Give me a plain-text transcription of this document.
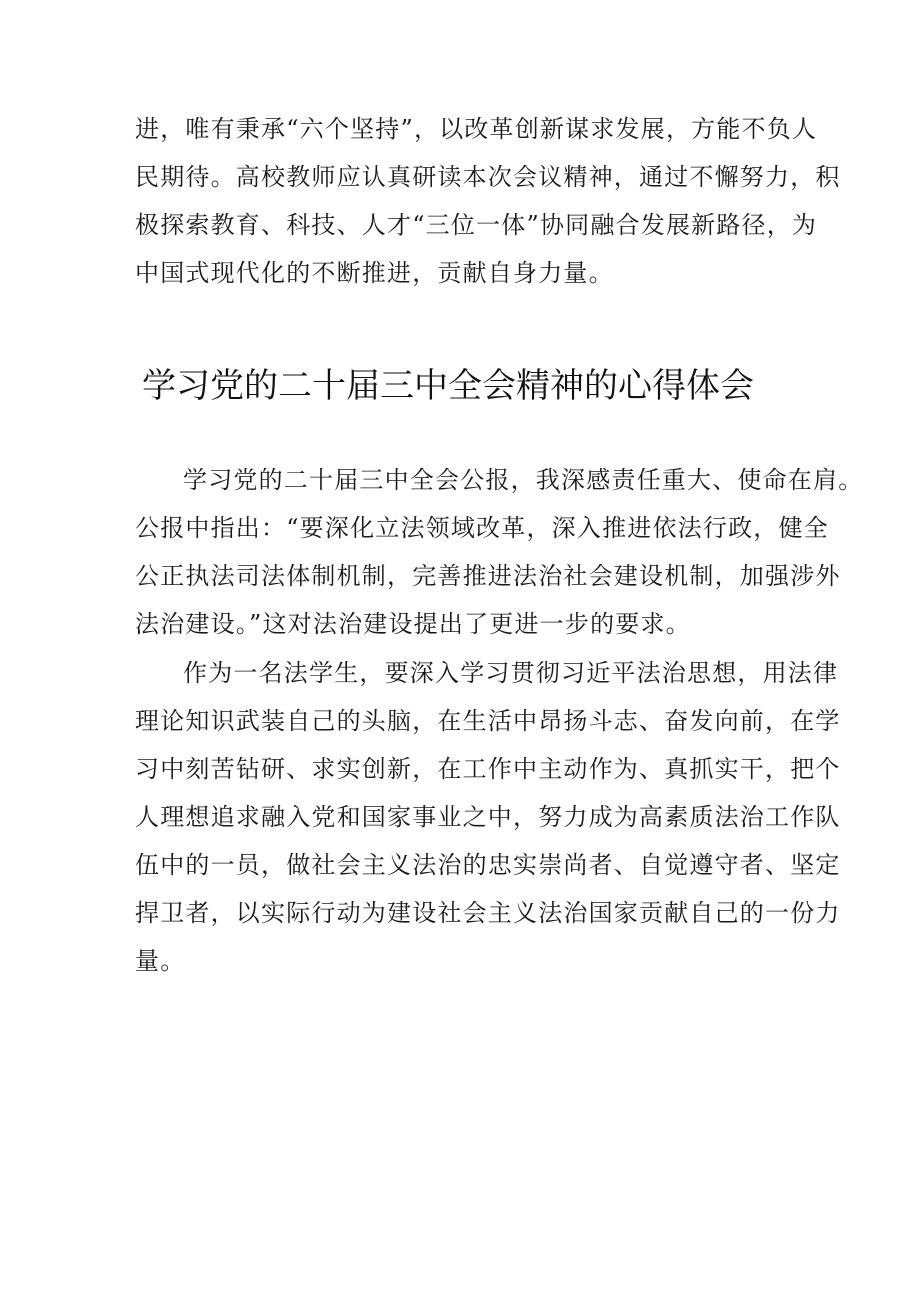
进，唯有秉承“六个坚持”，以改革创新谋求发展，方能不负人
民期待。高校教师应认真研读本次会议精神，通过不懈努力，积
极探索教育、科技、人才“三位一体”协同融合发展新路径，为
中国式现代化的不断推进，贡献自身力量。
学习党的二十届三中全会精神的心得体会
学习党的二十届三中全会公报，我深感责任重大、使命在肩。
公报中指出：“要深化立法领域改革，深入推进依法行政，健全
公正执法司法体制机制，完善推进法治社会建设机制，加强涉外
法治建设。”这对法治建设提出了更进一步的要求。
作为一名法学生，要深入学习贯彻习近平法治思想，用法律
理论知识武装自己的头脑，在生活中昂扬斗志、奋发向前，在学
习中刻苦钻研、求实创新，在工作中主动作为、真抓实干，把个
人理想追求融入党和国家事业之中，努力成为高素质法治工作队
伍中的一员，做社会主义法治的忠实崇尚者、自觉遵守者、坚定
捍卫者，以实际行动为建设社会主义法治国家贡献自己的一份力
量。
